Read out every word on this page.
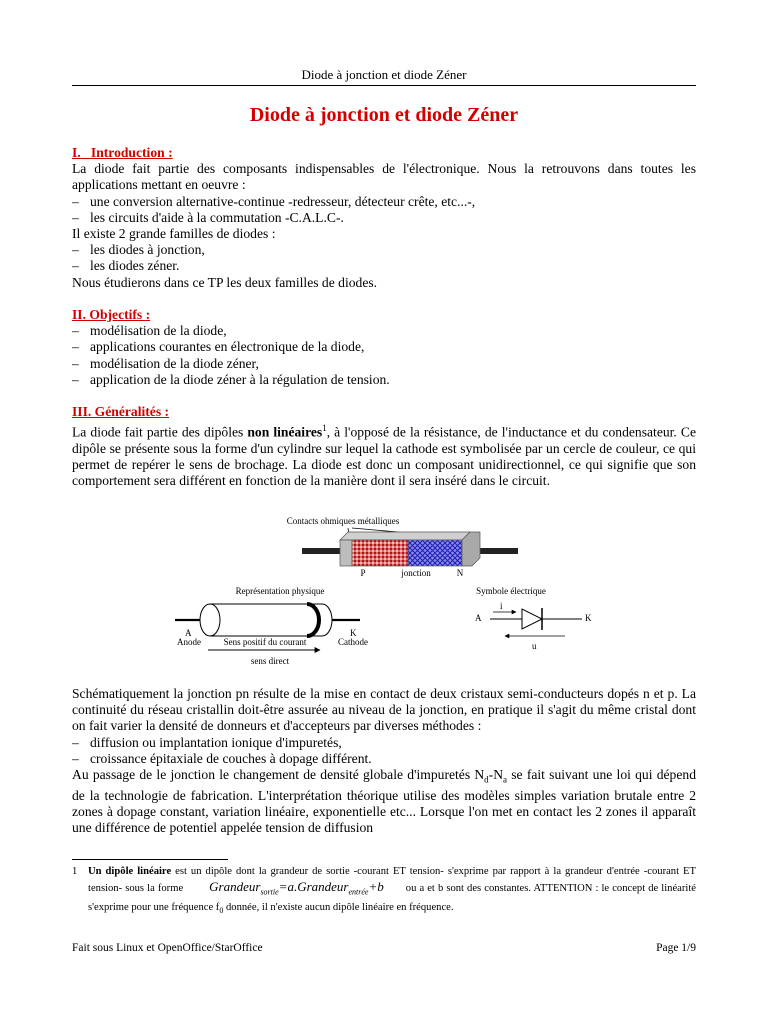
Diode à jonction et diode Zéner
Diode à jonction et diode Zéner

I. Introduction :

La diode fait partie des composants indispensables de l'électronique. Nous la retrouvons dans toutes les applications mettant en oeuvre :

– une conversion alternative-continue -redresseur, détecteur crête, etc...-,
– les circuits d'aide à la commutation -C.A.L.C-.

Il existe 2 grande familles de diodes :

– les diodes à jonction,
– les diodes zéner.

Nous étudierons dans ce TP les deux familles de diodes.

II. Objectifs :

– modélisation de la diode,
– applications courantes en électronique de la diode,
– modélisation de la diode zéner,
– application de la diode zéner à la régulation de tension.

III. Généralités :

La diode fait partie des dipôles non linéaires$^1$, à l'opposé de la résistance, de l'inductance et du condensateur. Ce dipôle se présente sous la forme d'un cylindre sur lequel la cathode est symbolisée par un cercle de couleur, ce qui permet de repérer le sens de brochage. La diode est donc un composant unidirectionnel, ce qui signifie que son comportement sera différent en fonction de la manière dont il sera inséré dans le circuit.

Contacts ohmiques métalliques
P	jonction	N
Représentation physique
A
Anode
K
Cathode
Sens positif du courant
sens direct
Symbole électrique
A
i
K
u

Schématiquement la jonction pn résulte de la mise en contact de deux cristaux semi-conducteurs dopés n et p. La continuité du réseau cristallin doit-être assurée au niveau de la jonction, en pratique il s'agit du même cristal dont on fait varier la densité de donneurs et d'accepteurs par diverses méthodes :

– diffusion ou implantation ionique d'impuretés,
– croissance épitaxiale de couches à dopage différent.

Au passage de le jonction le changement de densité globale d'impuretés $N_d-N_a$ se fait suivant une loi qui dépend de la technologie de fabrication. L'interprétation théorique utilise des modèles simples variation brutale entre 2 zones à dopage constant, variation linéaire, exponentielle etc... Lorsque l'on met en contact les 2 zones il apparaît une différence de potentiel appelée tension de diffusion

1 Un dipôle linéaire est un dipôle dont la grandeur de sortie -courant ET tension- s'exprime par rapport à la grandeur d'entrée -courant ET tension- sous la forme Grandeur$_{sortie}$=a.Grandeur$_{entrée}$+b ou a et b sont des constantes. ATTENTION : le concept de linéarité s'exprime pour une fréquence $f_0$ donnée, il n'existe aucun dipôle linéaire en fréquence.

Fait sous Linux et OpenOffice/StarOffice	Page 1/9
